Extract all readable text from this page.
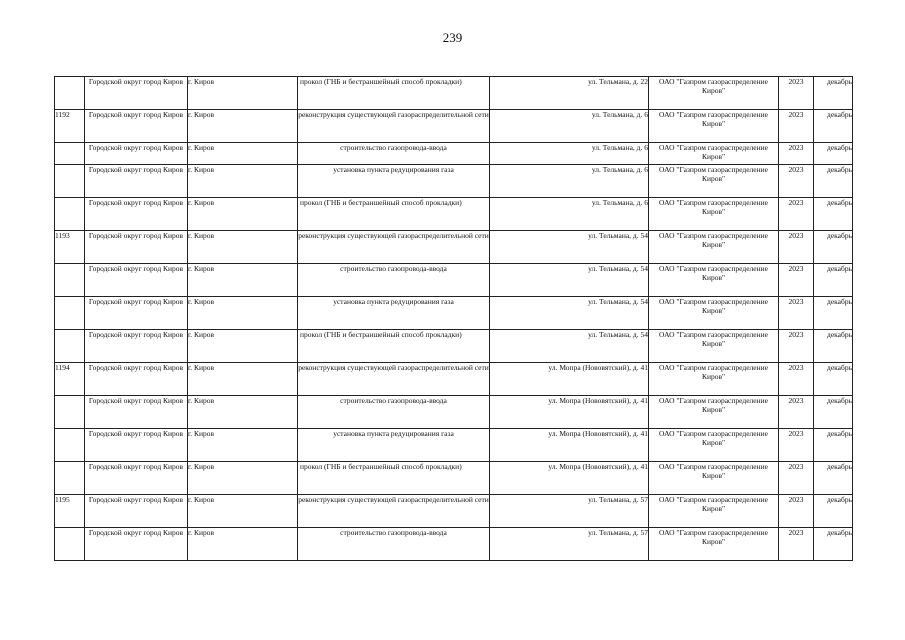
239
	Городской округ город Киров	г. Киров	прокол (ГНБ и бестраншейный способ прокладки)	ул. Тельмана, д. 22	ОАО "Газпром газораспределение Киров"	2023	декабрь
1192	Городской округ город Киров	г. Киров	реконструкция существующей газораспределительной сети	ул. Тельмана, д. 6	ОАО "Газпром газораспределение Киров"	2023	декабрь
	Городской округ город Киров	г. Киров	строительство газопровода-ввода	ул. Тельмана, д. 6	ОАО "Газпром газораспределение Киров"	2023	декабрь
	Городской округ город Киров	г. Киров	установка пункта редуцирования газа	ул. Тельмана, д. 6	ОАО "Газпром газораспределение Киров"	2023	декабрь
	Городской округ город Киров	г. Киров	прокол (ГНБ и бестраншейный способ прокладки)	ул. Тельмана, д. 6	ОАО "Газпром газораспределение Киров"	2023	декабрь
1193	Городской округ город Киров	г. Киров	реконструкция существующей газораспределительной сети	ул. Тельмана, д. 54	ОАО "Газпром газораспределение Киров"	2023	декабрь
	Городской округ город Киров	г. Киров	строительство газопровода-ввода	ул. Тельмана, д. 54	ОАО "Газпром газораспределение Киров"	2023	декабрь
	Городской округ город Киров	г. Киров	установка пункта редуцирования газа	ул. Тельмана, д. 54	ОАО "Газпром газораспределение Киров"	2023	декабрь
	Городской округ город Киров	г. Киров	прокол (ГНБ и бестраншейный способ прокладки)	ул. Тельмана, д. 54	ОАО "Газпром газораспределение Киров"	2023	декабрь
1194	Городской округ город Киров	г. Киров	реконструкция существующей газораспределительной сети	ул. Мопра (Нововятский), д. 41	ОАО "Газпром газораспределение Киров"	2023	декабрь
	Городской округ город Киров	г. Киров	строительство газопровода-ввода	ул. Мопра (Нововятский), д. 41	ОАО "Газпром газораспределение Киров"	2023	декабрь
	Городской округ город Киров	г. Киров	установка пункта редуцирования газа	ул. Мопра (Нововятский), д. 41	ОАО "Газпром газораспределение Киров"	2023	декабрь
	Городской округ город Киров	г. Киров	прокол (ГНБ и бестраншейный способ прокладки)	ул. Мопра (Нововятский), д. 41	ОАО "Газпром газораспределение Киров"	2023	декабрь
1195	Городской округ город Киров	г. Киров	реконструкция существующей газораспределительной сети	ул. Тельмана, д. 57	ОАО "Газпром газораспределение Киров"	2023	декабрь
	Городской округ город Киров	г. Киров	строительство газопровода-ввода	ул. Тельмана, д. 57	ОАО "Газпром газораспределение Киров"	2023	декабрь
